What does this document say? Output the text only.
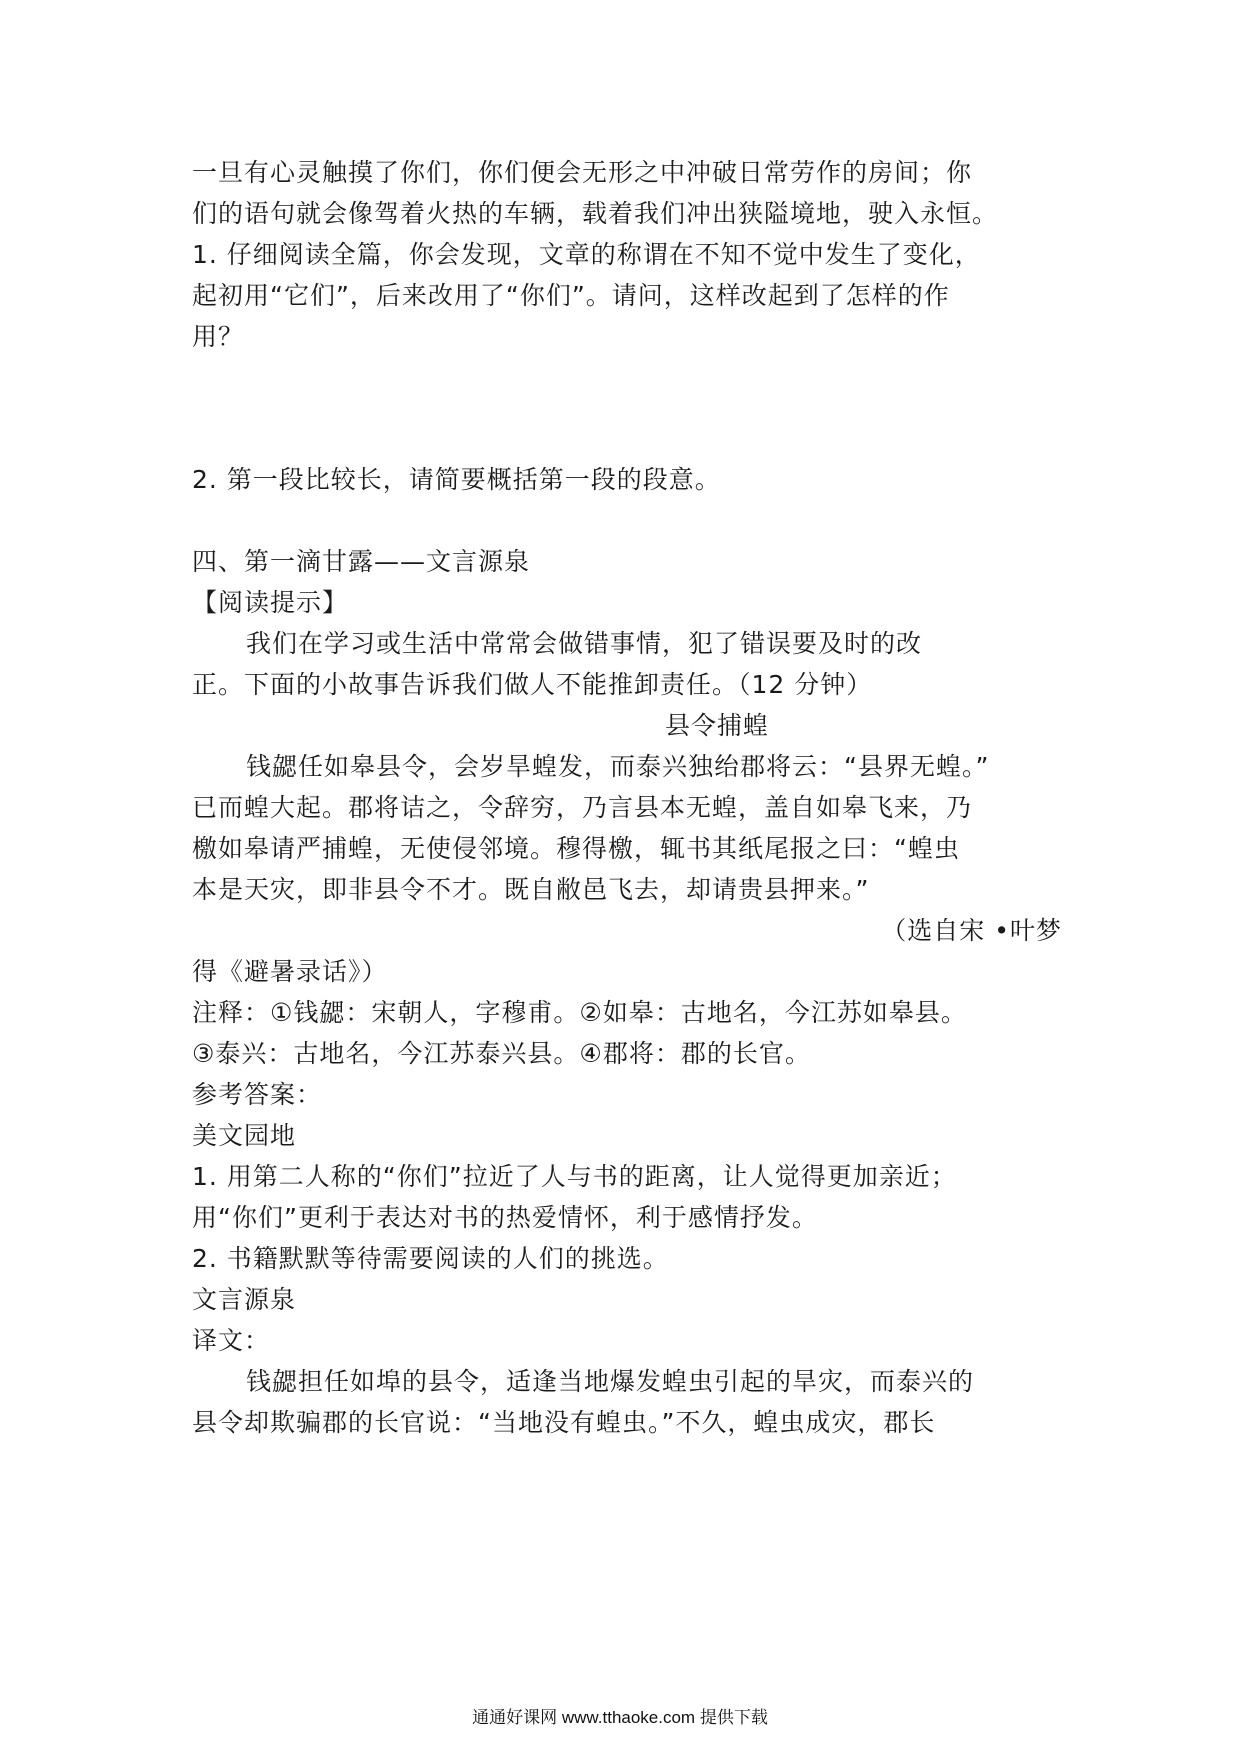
一旦有心灵触摸了你们，你们便会无形之中冲破日常劳作的房间；你
们的语句就会像驾着火热的车辆，载着我们冲出狭隘境地，驶入永恒。
1. 仔细阅读全篇，你会发现，文章的称谓在不知不觉中发生了变化，
起初用“它们”，后来改用了“你们”。请问，这样改起到了怎样的作
用？
2. 第一段比较长，请简要概括第一段的段意。
四、第一滴甘露——文言源泉
【阅读提示】
我们在学习或生活中常常会做错事情，犯了错误要及时的改
正。下面的小故事告诉我们做人不能推卸责任。（12 分钟）
县令捕蝗
钱勰任如皋县令，会岁旱蝗发，而泰兴独绐郡将云：“县界无蝗。”
已而蝗大起。郡将诘之，令辞穷，乃言县本无蝗，盖自如皋飞来，乃
檄如皋请严捕蝗，无使侵邻境。穆得檄，辄书其纸尾报之曰：“蝗虫
本是天灾，即非县令不才。既自敝邑飞去，却请贵县押来。”
（选自宋 •叶梦
得《避暑录话》）
注释：①钱勰：宋朝人，字穆甫。②如皋：古地名，今江苏如皋县。
③泰兴：古地名，今江苏泰兴县。④郡将：郡的长官。
参考答案：
美文园地
1. 用第二人称的“你们”拉近了人与书的距离，让人觉得更加亲近；
用“你们”更利于表达对书的热爱情怀，利于感情抒发。
2. 书籍默默等待需要阅读的人们的挑选。
文言源泉
译文：
钱勰担任如埠的县令，适逢当地爆发蝗虫引起的旱灾，而泰兴的
县令却欺骗郡的长官说：“当地没有蝗虫。”不久，蝗虫成灾，郡长
通通好课网 www.tthaoke.com 提供下载
